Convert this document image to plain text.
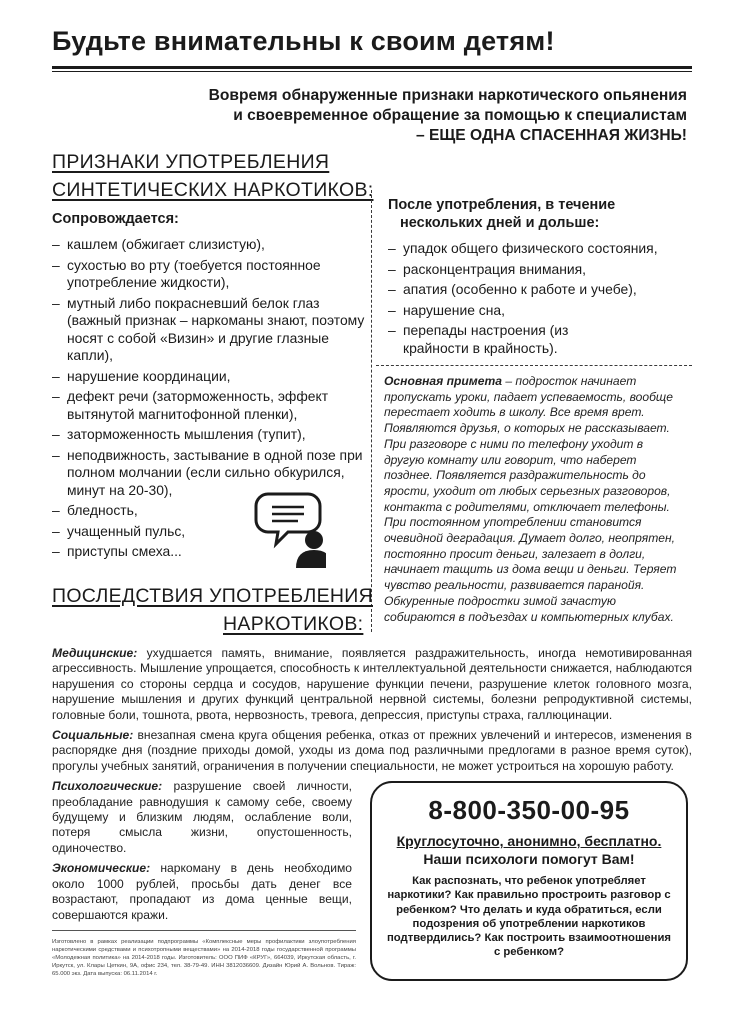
Будьте внимательны к своим детям!
Вовремя обнаруженные признаки наркотического опьянения
и своевременное обращение за помощью к специалистам
– ЕЩЕ ОДНА СПАСЕННАЯ ЖИЗНЬ!
ПРИЗНАКИ УПОТРЕБЛЕНИЯ
СИНТЕТИЧЕСКИХ НАРКОТИКОВ:
Сопровождается:
– кашлем (обжигает слизистую),
– сухостью во рту (тоебуется постоянное употребление жидкости),
– мутный либо покрасневший белок глаз (важный признак – наркоманы знают, поэтому носят с собой «Визин» и другие глазные капли),
– нарушение координации,
– дефект речи (заторможенность, эффект вытянутой магнитофонной пленки),
– заторможенность мышления (тупит),
– неподвижность, застывание в одной позе при полном молчании (если сильно обкурился, минут на 20-30),
– бледность,
– учащенный пульс,
– приступы смеха...
После употребления, в течение
нескольких дней и дольше:
– упадок общего физического состояния,
– расконцентрация внимания,
– апатия (особенно к работе и учебе),
– нарушение сна,
– перепады настроения (из крайности в крайность).
Основная примета – подросток начинает пропускать уроки, падает успеваемость, вообще перестает ходить в школу. Все время врет. Появляются друзья, о которых не рассказывает. При разговоре с ними по телефону уходит в другую комнату или говорит, что наберет позднее. Появляется раздражительность до ярости, уходит от любых серьезных разговоров, контакта с родителями, отключает телефоны. При постоянном употреблении становится очевидной деградация. Думает долго, неопрятен, постоянно просит деньги, залезает в долги, начинает тащить из дома вещи и деньги. Теряет чувство реальности, развивается паранойя. Обкуренные подростки зимой зачастую собираются в подъездах и компьютерных клубах.
ПОСЛЕДСТВИЯ УПОТРЕБЛЕНИЯ
НАРКОТИКОВ:
Медицинские: ухудшается память, внимание, появляется раздражительность, иногда немотивированная агрессивность. Мышление упрощается, способность к интеллектуальной деятельности снижается, наблюдаются нарушения со стороны сердца и сосудов, нарушение функции печени, разрушение клеток головного мозга, нарушение мышления и других функций центральной нервной системы, болезни репродуктивной системы, головные боли, тошнота, рвота, нервозность, тревога, депрессия, приступы страха, галлюцинации.
Социальные: внезапная смена круга общения ребенка, отказ от прежних увлечений и интересов, изменения в распорядке дня (поздние приходы домой, уходы из дома под различными предлогами в разное время суток), прогулы учебных занятий, ограничения в получении специальности, не может устроиться на хорошую работу.
Психологические: разрушение своей личности, преобладание равнодушия к самому себе, своему будущему и близким людям, ослабление воли, потеря смысла жизни, опустошенность, одиночество.
Экономические: наркоману в день необходимо около 1000 рублей, просьбы дать денег все возрастают, пропадают из дома ценные вещи, совершаются кражи.
8-800-350-00-95
Круглосуточно, анонимно, бесплатно.
Наши психологи помогут Вам!
Как распознать, что ребенок употребляет наркотики? Как правильно простроить разговор с ребенком? Что делать и куда обратиться, если подозрения об употреблении наркотиков подтвердились? Как построить взаимоотношения с ребенком?
Изготовлено в рамках реализации подпрограммы «Комплексные меры профилактики злоупотребления наркотическими средствами и психотропными веществами» на 2014-2018 годы государственной программы «Молодежная политика» на 2014-2018 годы. Изготовитель: ООО ПИФ «КРУГ», 664039, Иркутская область, г. Иркутск, ул. Клары Цеткин, 9А, офис 234, тел. 38-79-49. ИНН 3812036609. Дизайн Юрий А. Вольнов. Тираж: 65.000 экз. Дата выпуска: 06.11.2014 г.
